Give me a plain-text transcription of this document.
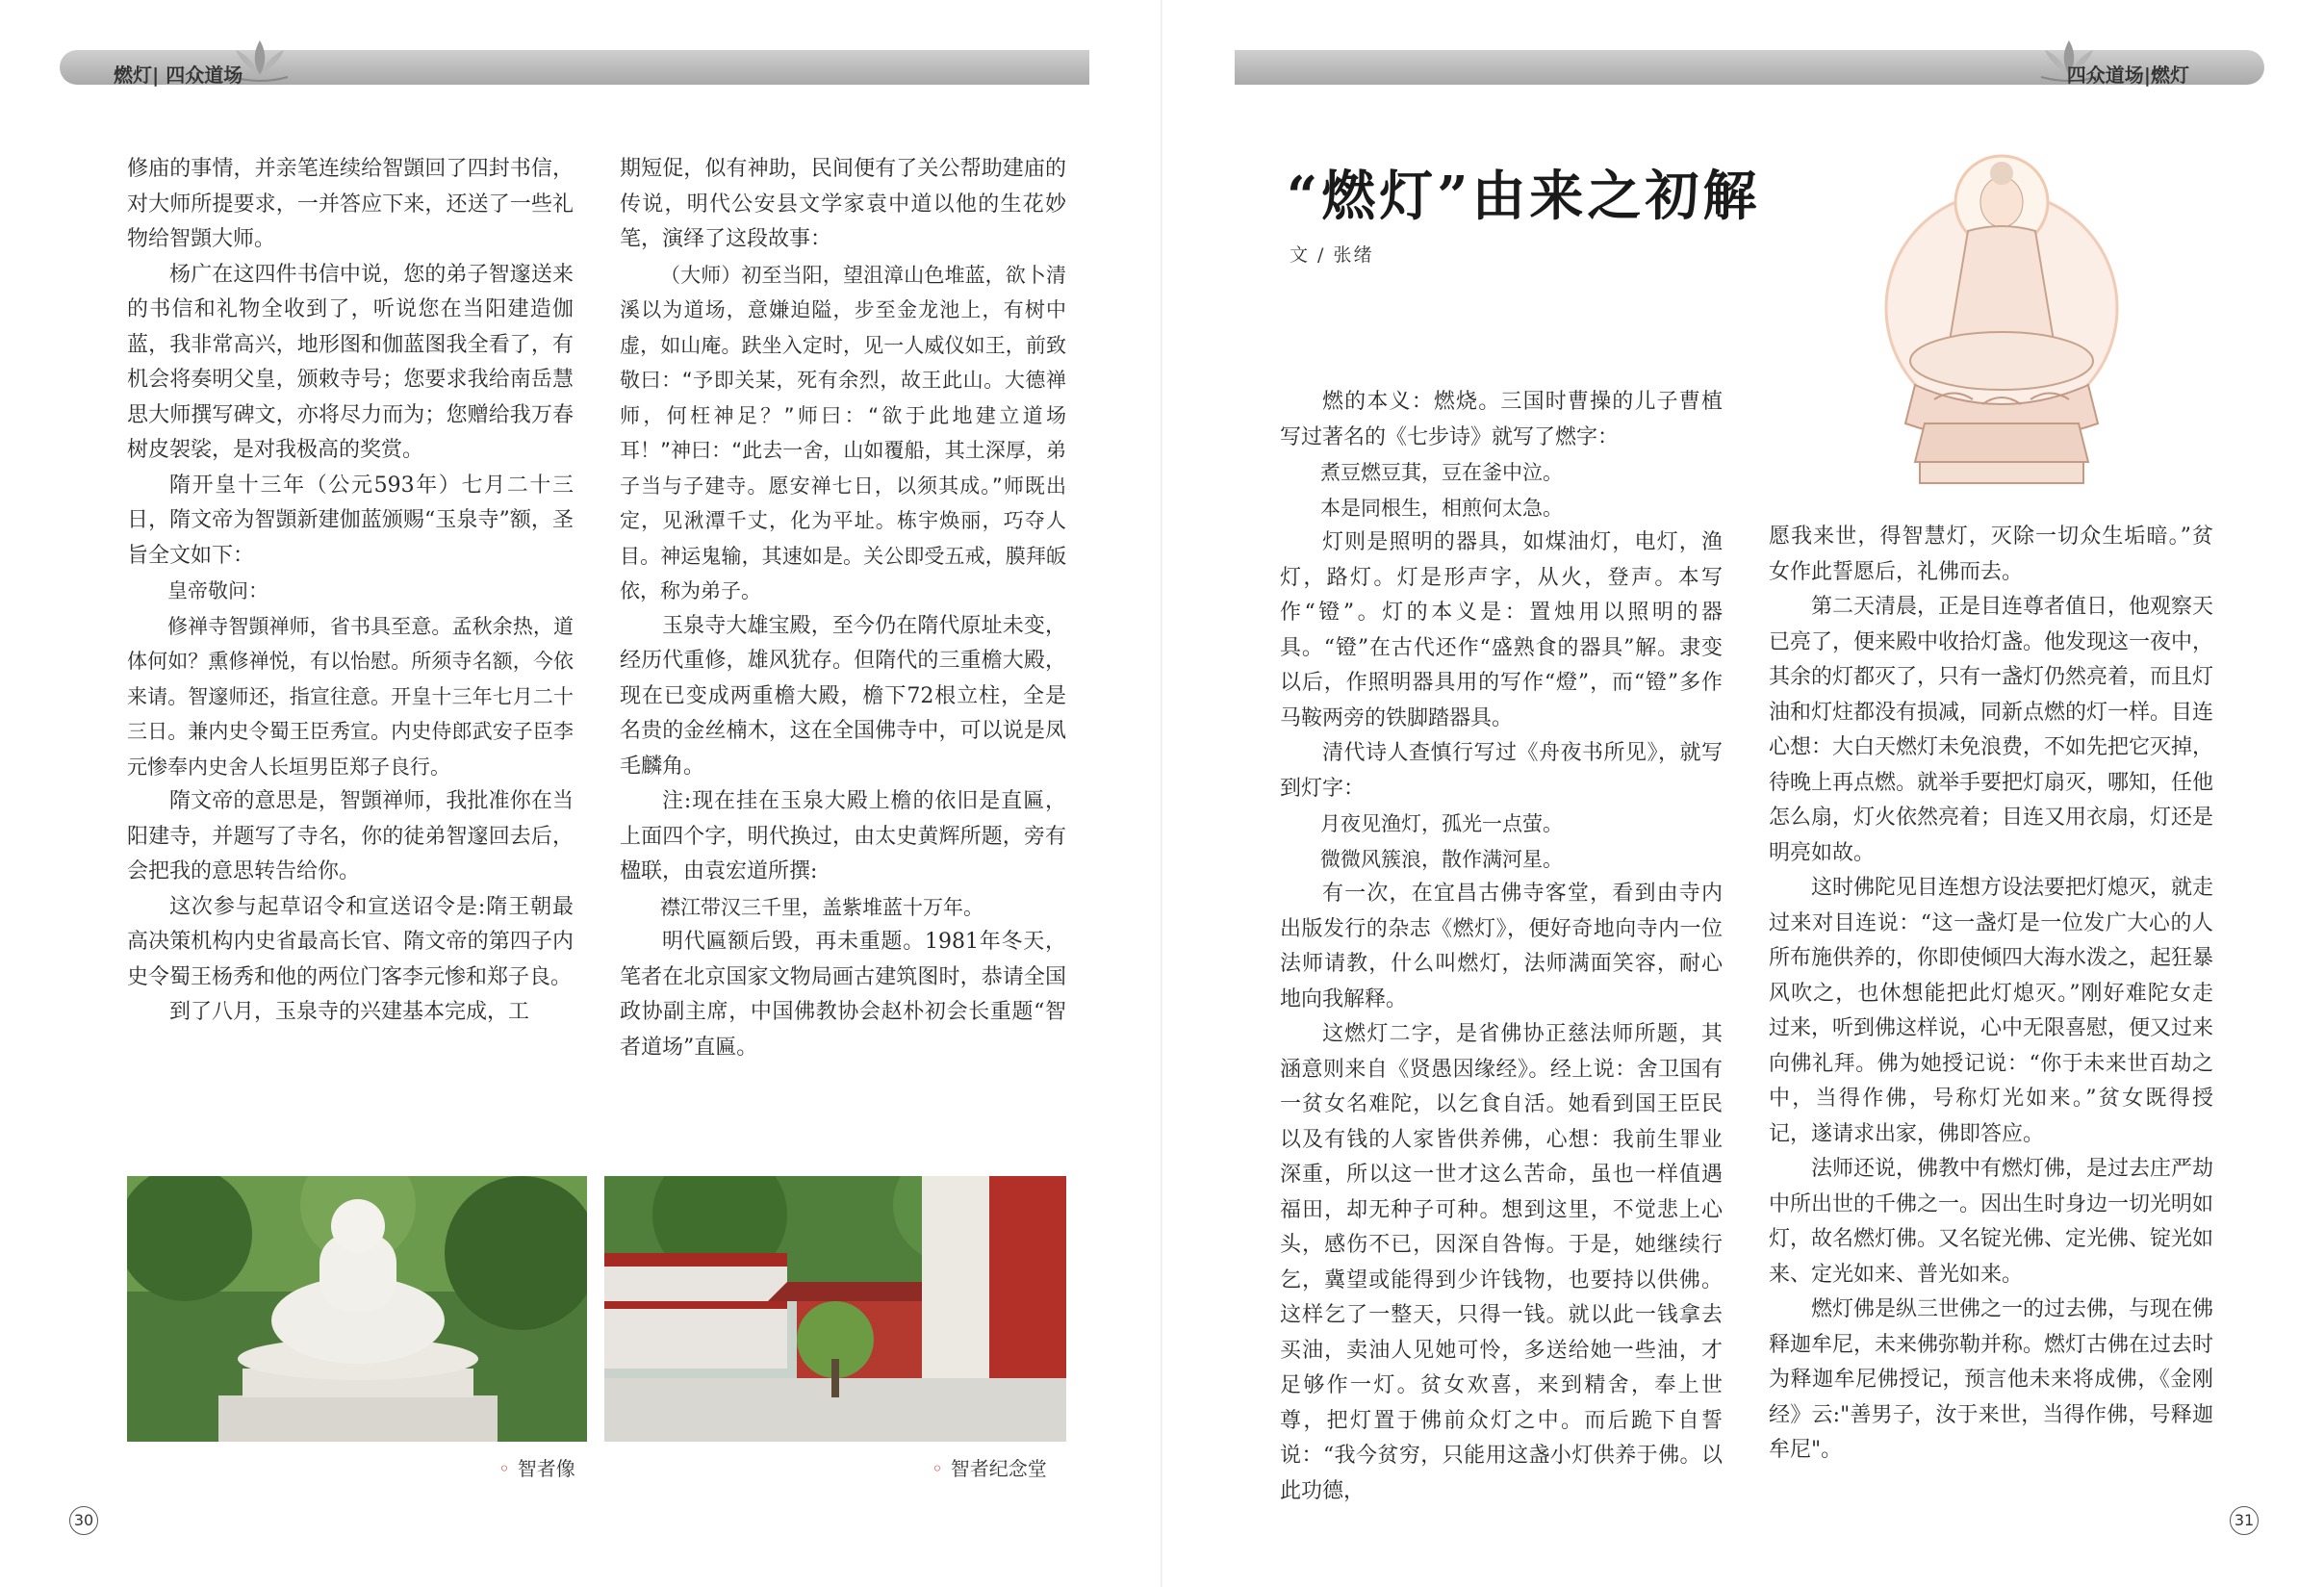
燃灯| 四众道场

修庙的事情，并亲笔连续给智顗回了四封书信，对大师所提要求，一并答应下来，还送了一些礼物给智顗大师。

杨广在这四件书信中说，您的弟子智邃送来的书信和礼物全收到了，听说您在当阳建造伽蓝，我非常高兴，地形图和伽蓝图我全看了，有机会将奏明父皇，颁敕寺号；您要求我给南岳慧思大师撰写碑文，亦将尽力而为；您赠给我万春树皮袈裟，是对我极高的奖赏。

隋开皇十三年（公元593年）七月二十三日，隋文帝为智顗新建伽蓝颁赐“玉泉寺”额，圣旨全文如下：

皇帝敬问：

修禅寺智顗禅师，省书具至意。孟秋余热，道体何如？熏修禅悦，有以怡慰。所须寺名额，今依来请。智邃师还，指宣往意。开皇十三年七月二十三日。兼内史令蜀王臣秀宣。内史侍郎武安子臣李元惨奉内史舍人长垣男臣郑子良行。

隋文帝的意思是，智顗禅师，我批准你在当阳建寺，并题写了寺名，你的徒弟智邃回去后，会把我的意思转告给你。

这次参与起草诏令和宣送诏令是:隋王朝最高决策机构内史省最高长官、隋文帝的第四子内史令蜀王杨秀和他的两位门客李元惨和郑子良。

到了八月，玉泉寺的兴建基本完成，工

期短促，似有神助，民间便有了关公帮助建庙的传说，明代公安县文学家袁中道以他的生花妙笔，演绎了这段故事：

（大师）初至当阳，望沮漳山色堆蓝，欲卜清溪以为道场，意嫌迫隘，步至金龙池上，有树中虚，如山庵。趺坐入定时，见一人威仪如王，前致敬曰：“予即关某，死有余烈，故王此山。大德禅师，何枉神足？”师曰：“欲于此地建立道场耳！”神曰：“此去一舍，山如覆船，其土深厚，弟子当与子建寺。愿安禅七日，以须其成。”师既出定，见湫潭千丈，化为平址。栋宇焕丽，巧夺人目。神运鬼输，其速如是。关公即受五戒，膜拜皈依，称为弟子。

玉泉寺大雄宝殿，至今仍在隋代原址未变，经历代重修，雄风犹存。但隋代的三重檐大殿，现在已变成两重檐大殿，檐下72根立柱，全是名贵的金丝楠木，这在全国佛寺中，可以说是凤毛麟角。

注:现在挂在玉泉大殿上檐的依旧是直匾，上面四个字，明代换过，由太史黄辉所题，旁有楹联，由袁宏道所撰:

襟江带汉三千里，盖紫堆蓝十万年。

明代匾额后毁，再未重题。1981年冬天，笔者在北京国家文物局画古建筑图时，恭请全国政协副主席，中国佛教协会赵朴初会长重题“智者道场”直匾。

◦ 智者像	◦ 智者纪念堂
30
四众道场|燃灯
31
“燃灯”由来之初解
文 / 张绪

燃的本义：燃烧。三国时曹操的儿子曹植写过著名的《七步诗》就写了燃字：

煮豆燃豆萁，豆在釜中泣。

本是同根生，相煎何太急。

灯则是照明的器具，如煤油灯，电灯，渔灯，路灯。灯是形声字，从火，登声。本写作“镫”。灯的本义是：置烛用以照明的器具。“镫”在古代还作“盛熟食的器具”解。隶变以后，作照明器具用的写作“燈”，而“镫”多作马鞍两旁的铁脚踏器具。

清代诗人查慎行写过《舟夜书所见》，就写到灯字：

月夜见渔灯，孤光一点萤。

微微风簇浪，散作满河星。

有一次，在宜昌古佛寺客堂，看到由寺内出版发行的杂志《燃灯》，便好奇地向寺内一位法师请教，什么叫燃灯，法师满面笑容，耐心地向我解释。

这燃灯二字，是省佛协正慈法师所题，其涵意则来自《贤愚因缘经》。经上说：舍卫国有一贫女名难陀，以乞食自活。她看到国王臣民以及有钱的人家皆供养佛，心想：我前生罪业深重，所以这一世才这么苦命，虽也一样值遇福田，却无种子可种。想到这里，不觉悲上心头，感伤不已，因深自咎悔。于是，她继续行乞，冀望或能得到少许钱物，也要持以供佛。这样乞了一整天，只得一钱。就以此一钱拿去买油，卖油人见她可怜，多送给她一些油，才足够作一灯。贫女欢喜，来到精舍，奉上世尊，把灯置于佛前众灯之中。而后跪下自誓说：“我今贫穷，只能用这盏小灯供养于佛。以此功德，

愿我来世，得智慧灯，灭除一切众生垢暗。”贫女作此誓愿后，礼佛而去。

第二天清晨，正是目连尊者值日，他观察天已亮了，便来殿中收拾灯盏。他发现这一夜中，其余的灯都灭了，只有一盏灯仍然亮着，而且灯油和灯炷都没有损减，同新点燃的灯一样。目连心想：大白天燃灯未免浪费，不如先把它灭掉，待晚上再点燃。就举手要把灯扇灭，哪知，任他怎么扇，灯火依然亮着；目连又用衣扇，灯还是明亮如故。

这时佛陀见目连想方设法要把灯熄灭，就走过来对目连说：“这一盏灯是一位发广大心的人所布施供养的，你即使倾四大海水泼之，起狂暴风吹之，也休想能把此灯熄灭。”刚好难陀女走过来，听到佛这样说，心中无限喜慰，便又过来向佛礼拜。佛为她授记说：“你于未来世百劫之中，当得作佛，号称灯光如来。”贫女既得授记，遂请求出家，佛即答应。

法师还说，佛教中有燃灯佛，是过去庄严劫中所出世的千佛之一。因出生时身边一切光明如灯，故名燃灯佛。又名锭光佛、定光佛、锭光如来、定光如来、普光如来。

燃灯佛是纵三世佛之一的过去佛，与现在佛释迦牟尼，未来佛弥勒并称。燃灯古佛在过去时为释迦牟尼佛授记，预言他未来将成佛，《金刚经》云:"善男子，汝于来世，当得作佛，号释迦牟尼"。
